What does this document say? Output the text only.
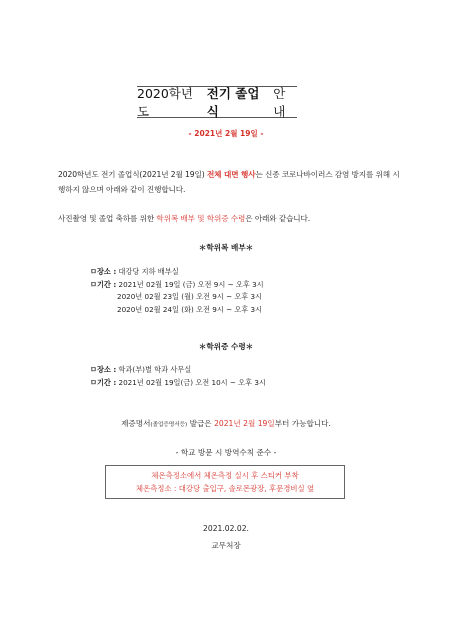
2020학년도
전기 졸업식
안내
- 2021년 2월 19일 -
2020학년도 전기 졸업식(2021년 2월 19일) 전체 대면 행사는 신종 코로나바이러스 감염 방지를 위해 시행하지 않으며 아래와 같이 진행합니다.
사진촬영 및 졸업 축하를 위한 학위복 배부 및 학위증 수령은 아래와 같습니다.
＊학위복 배부＊
ㅁ장소 : 대강당 지하 배부실
ㅁ기간 : 2021년 02월 19일 (금) 오전 9시 ~ 오후 3시
2020년 02월 23일 (월) 오전 9시 ~ 오후 3시
2020년 02월 24일 (화) 오전 9시 ~ 오후 3시
＊학위증 수령＊
ㅁ장소 : 학과(부)별 학과 사무실
ㅁ기간 : 2021년 02월 19일(금) 오전 10시 ~ 오후 3시
제증명서(졸업증명서등) 발급은 2021년 2월 19일부터 가능합니다.
- 학교 방문 시 방역수칙 준수 -
체온측정소에서 체온측정 실시 후 스티커 부착
체온측정소 : 대강당 출입구, 솔로몬광장, 후문경비실 옆
2021.02.02.
교무처장
